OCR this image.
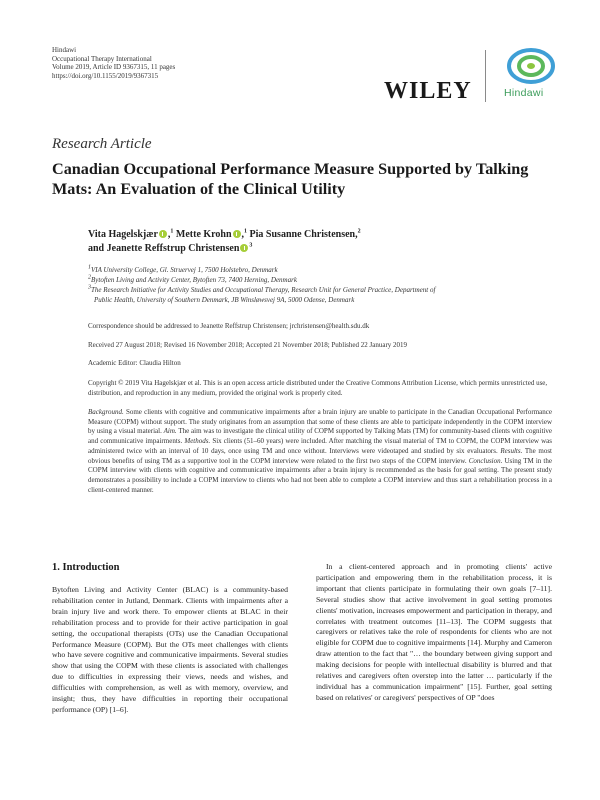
Hindawi
Occupational Therapy International
Volume 2019, Article ID 9367315, 11 pages
https://doi.org/10.1155/2019/9367315
WILEY	Hindawi
Research Article
Canadian Occupational Performance Measure Supported by Talking Mats: An Evaluation of the Clinical Utility
Vita Hagelskjær ,$^1$ Mette Krohn ,$^1$ Pia Susanne Christensen,$^2$
and Jeanette Reffstrup Christensen $^3$
$^1$VIA University College, Gl. Struervej 1, 7500 Holstebro, Denmark
$^2$Bytoften Living and Activity Center, Bytoften 73, 7400 Herning, Denmark
$^3$The Research Initiative for Activity Studies and Occupational Therapy, Research Unit for General Practice, Department of
Public Health, University of Southern Denmark, JB Winsløwsvej 9A, 5000 Odense, Denmark
Correspondence should be addressed to Jeanette Reffstrup Christensen; jrchristensen@health.sdu.dk
Received 27 August 2018; Revised 16 November 2018; Accepted 21 November 2018; Published 22 January 2019
Academic Editor: Claudia Hilton
Copyright © 2019 Vita Hagelskjær et al. This is an open access article distributed under the Creative Commons Attribution License, which permits unrestricted use, distribution, and reproduction in any medium, provided the original work is properly cited.
Background. Some clients with cognitive and communicative impairments after a brain injury are unable to participate in the Canadian Occupational Performance Measure (COPM) without support. The study originates from an assumption that some of these clients are able to participate independently in the COPM interview by using a visual material. Aim. The aim was to investigate the clinical utility of COPM supported by Talking Mats (TM) for community-based clients with cognitive and communicative impairments. Methods. Six clients (51–60 years) were included. After matching the visual material of TM to COPM, the COPM interview was administered twice with an interval of 10 days, once using TM and once without. Interviews were videotaped and studied by six evaluators. Results. The most obvious benefits of using TM as a supportive tool in the COPM interview were related to the first two steps of the COPM interview. Conclusion. Using TM in the COPM interview with clients with cognitive and communicative impairments after a brain injury is recommended as the basis for goal setting. The present study demonstrates a possibility to include a COPM interview to clients who had not been able to complete a COPM interview and thus start a rehabilitation process in a client-centered manner.
1. Introduction
Bytoften Living and Activity Center (BLAC) is a community-based rehabilitation center in Jutland, Denmark. Clients with impairments after a brain injury live and work there. To empower clients at BLAC in their rehabilitation process and to provide for their active participation in goal setting, the occupational therapists (OTs) use the Canadian Occupational Performance Measure (COPM). But the OTs meet challenges with clients who have severe cognitive and communicative impairments. Several studies show that using the COPM with these clients is associated with challenges due to difficulties in expressing their views, needs and wishes, and difficulties with comprehension, as well as with memory, overview, and insight; thus, they have difficulties in reporting their occupational performance (OP) [1–6].
In a client-centered approach and in promoting clients' active participation and empowering them in the rehabilitation process, it is important that clients participate in formulating their own goals [7–11]. Several studies show that active involvement in goal setting promotes clients' motivation, increases empowerment and participation in therapy, and correlates with treatment outcomes [11–13]. The COPM suggests that caregivers or relatives take the role of respondents for clients who are not eligible for COPM due to cognitive impairments [14]. Murphy and Cameron draw attention to the fact that "… the boundary between giving support and making decisions for people with intellectual disability is blurred and that relatives and caregivers often overstep into the latter … particularly if the individual has a communication impairment" [15]. Further, goal setting based on relatives' or caregivers' perspectives of OP "does
